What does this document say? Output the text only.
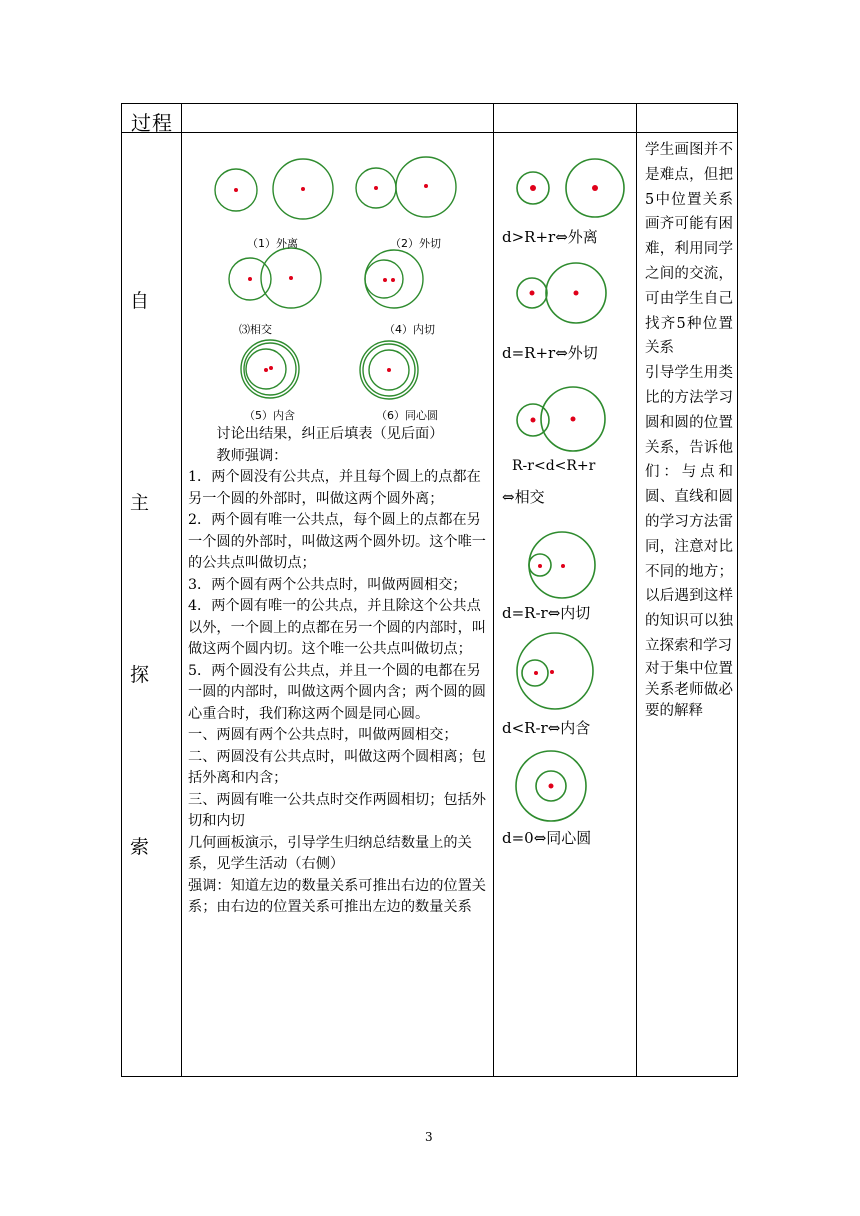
过程
自
主
探
索
（1）外离	（2）外切
⑶相交	（4）内切
（5）内含	（6）同心圆

讨论出结果，纠正后填表（见后面）

教师强调：

1．两个圆没有公共点，并且每个圆上的点都在另一个圆的外部时，叫做这两个圆外离；

2．两个圆有唯一公共点，每个圆上的点都在另一个圆的外部时，叫做这两个圆外切。这个唯一的公共点叫做切点；

3．两个圆有两个公共点时，叫做两圆相交；

4．两个圆有唯一的公共点，并且除这个公共点以外，一个圆上的点都在另一个圆的内部时，叫做这两个圆内切。这个唯一公共点叫做切点；

5．两个圆没有公共点，并且一个圆的电都在另一圆的内部时，叫做这两个圆内含；两个圆的圆心重合时，我们称这两个圆是同心圆。

一、两圆有两个公共点时，叫做两圆相交；

二、两圆没有公共点时，叫做这两个圆相离；包括外离和内含；

三、两圆有唯一公共点时交作两圆相切；包括外切和内切

几何画板演示，引导学生归纳总结数量上的关系，见学生活动（右侧）

强调：知道左边的数量关系可推出右边的位置关系；由右边的位置关系可推出左边的数量关系

d>R+r⇔外离
d=R+r⇔外切
R-r<d<R+r
⇔相交
d=R-r⇔内切
d<R-r⇔内含
d=0⇔同心圆

学生画图并不是难点，但把5中位置关系画齐可能有困难，利用同学之间的交流，可由学生自己找齐5种位置关系

引导学生用类比的方法学习圆和圆的位置关系，告诉他们：与点和圆、直线和圆的学习方法雷同，注意对比不同的地方；以后遇到这样的知识可以独立探索和学习

对于集中位置关系老师做必要的解释

3
